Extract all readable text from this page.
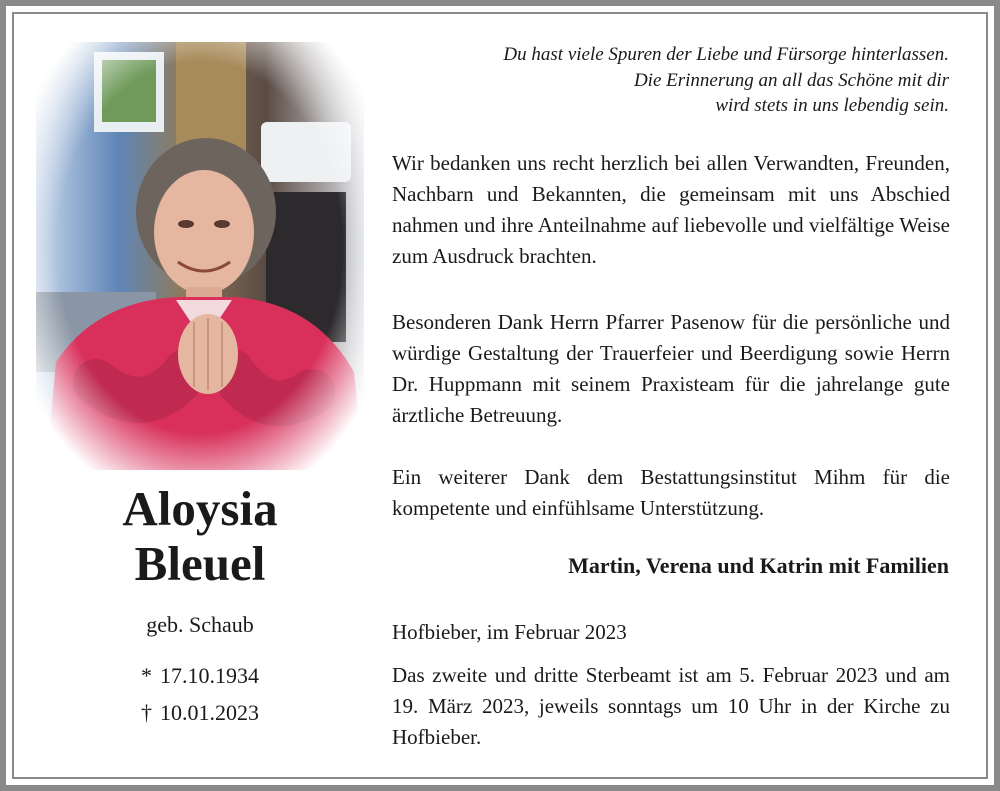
Aloysia
Bleuel
geb. Schaub
* 17.10.1934
† 10.01.2023
Du hast viele Spuren der Liebe und Fürsorge hinterlassen.
Die Erinnerung an all das Schöne mit dir
wird stets in uns lebendig sein.
Wir bedanken uns recht herzlich bei allen Verwandten, Freunden, Nachbarn und Bekannten, die gemeinsam mit uns Abschied nahmen und ihre Anteilnahme auf liebevolle und vielfältige Weise zum Ausdruck brachten.
Besonderen Dank Herrn Pfarrer Pasenow für die persönliche und würdige Gestaltung der Trauerfeier und Beerdigung sowie Herrn Dr. Huppmann mit seinem Praxisteam für die jahrelange gute ärztliche Betreuung.
Ein weiterer Dank dem Bestattungsinstitut Mihm für die kompetente und einfühlsame Unterstützung.
Martin, Verena und Katrin mit Familien
Hofbieber, im Februar 2023
Das zweite und dritte Sterbeamt ist am 5. Februar 2023 und am 19. März 2023, jeweils sonntags um 10 Uhr in der Kirche zu Hofbieber.
